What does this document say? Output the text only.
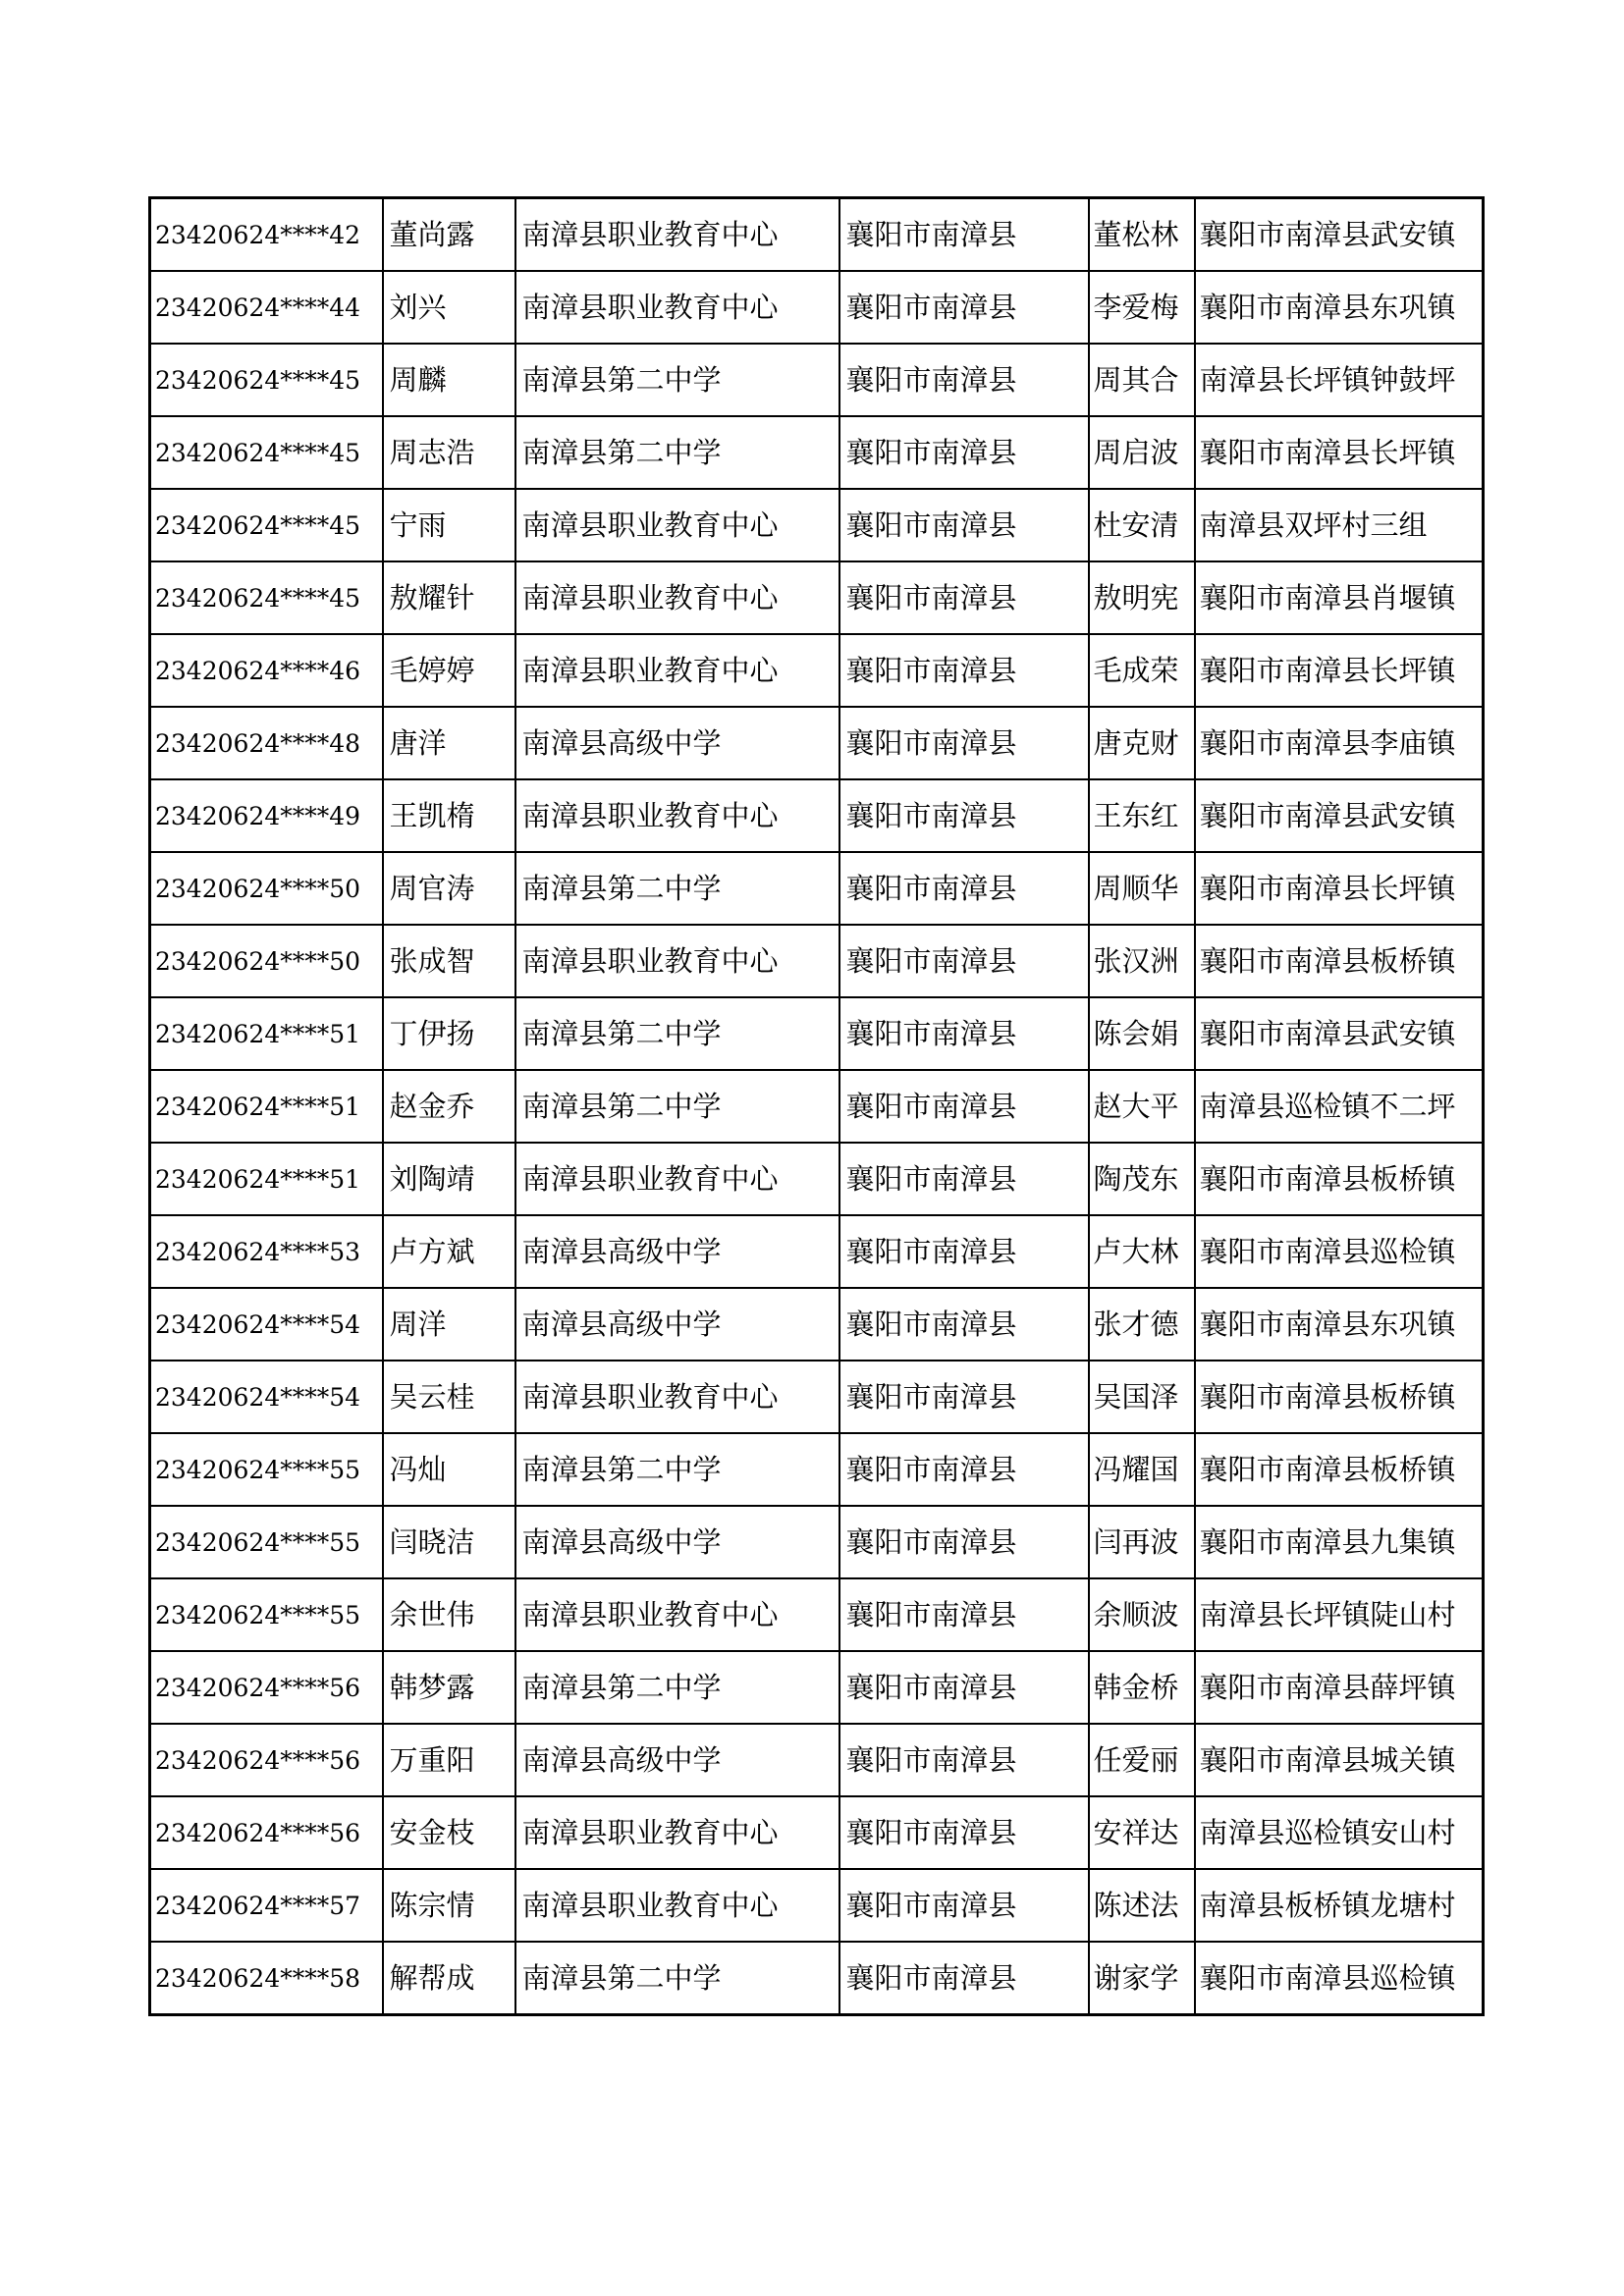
23420624****42	董尚露	南漳县职业教育中心	襄阳市南漳县	董松林	襄阳市南漳县武安镇
23420624****44	刘兴	南漳县职业教育中心	襄阳市南漳县	李爱梅	襄阳市南漳县东巩镇
23420624****45	周麟	南漳县第二中学	襄阳市南漳县	周其合	南漳县长坪镇钟鼓坪
23420624****45	周志浩	南漳县第二中学	襄阳市南漳县	周启波	襄阳市南漳县长坪镇
23420624****45	宁雨	南漳县职业教育中心	襄阳市南漳县	杜安清	南漳县双坪村三组
23420624****45	敖耀针	南漳县职业教育中心	襄阳市南漳县	敖明宪	襄阳市南漳县肖堰镇
23420624****46	毛婷婷	南漳县职业教育中心	襄阳市南漳县	毛成荣	襄阳市南漳县长坪镇
23420624****48	唐洋	南漳县高级中学	襄阳市南漳县	唐克财	襄阳市南漳县李庙镇
23420624****49	王凯楕	南漳县职业教育中心	襄阳市南漳县	王东红	襄阳市南漳县武安镇
23420624****50	周官涛	南漳县第二中学	襄阳市南漳县	周顺华	襄阳市南漳县长坪镇
23420624****50	张成智	南漳县职业教育中心	襄阳市南漳县	张汉洲	襄阳市南漳县板桥镇
23420624****51	丁伊扬	南漳县第二中学	襄阳市南漳县	陈会娟	襄阳市南漳县武安镇
23420624****51	赵金乔	南漳县第二中学	襄阳市南漳县	赵大平	南漳县巡检镇不二坪
23420624****51	刘陶靖	南漳县职业教育中心	襄阳市南漳县	陶茂东	襄阳市南漳县板桥镇
23420624****53	卢方斌	南漳县高级中学	襄阳市南漳县	卢大林	襄阳市南漳县巡检镇
23420624****54	周洋	南漳县高级中学	襄阳市南漳县	张才德	襄阳市南漳县东巩镇
23420624****54	吴云桂	南漳县职业教育中心	襄阳市南漳县	吴国泽	襄阳市南漳县板桥镇
23420624****55	冯灿	南漳县第二中学	襄阳市南漳县	冯耀国	襄阳市南漳县板桥镇
23420624****55	闫晓洁	南漳县高级中学	襄阳市南漳县	闫再波	襄阳市南漳县九集镇
23420624****55	余世伟	南漳县职业教育中心	襄阳市南漳县	余顺波	南漳县长坪镇陡山村
23420624****56	韩梦露	南漳县第二中学	襄阳市南漳县	韩金桥	襄阳市南漳县薛坪镇
23420624****56	万重阳	南漳县高级中学	襄阳市南漳县	任爱丽	襄阳市南漳县城关镇
23420624****56	安金枝	南漳县职业教育中心	襄阳市南漳县	安祥达	南漳县巡检镇安山村
23420624****57	陈宗情	南漳县职业教育中心	襄阳市南漳县	陈述法	南漳县板桥镇龙塘村
23420624****58	解帮成	南漳县第二中学	襄阳市南漳县	谢家学	襄阳市南漳县巡检镇
